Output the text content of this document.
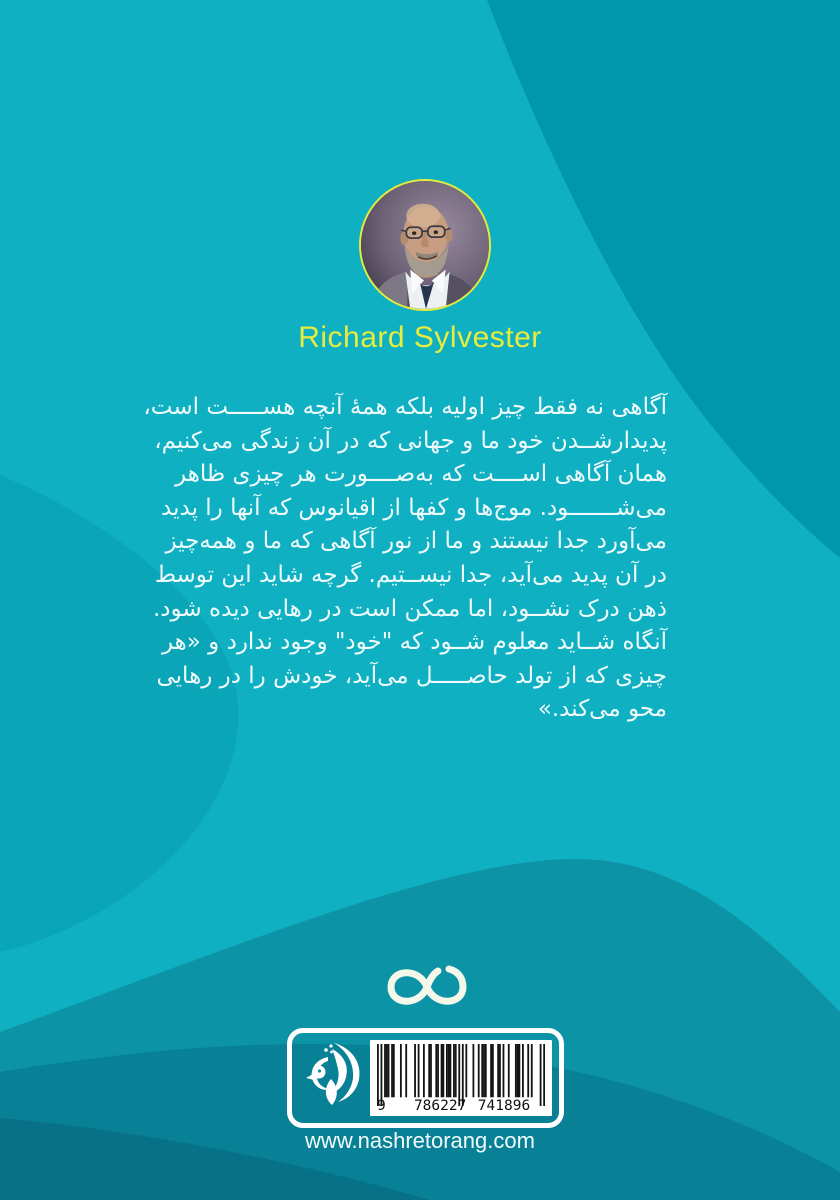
Richard Sylvester
آگاهی نه فقط چیز اولیه بلکه همهٔ آنچه هســـــت است،
پدیدارشــدن خود ما و جهانی که در آن زندگی می‌کنیم،
همان آگاهی اســــت که به‌صــــورت هر چیزی ظاهر
می‌شـــــــود. موج‌ها و کفها از اقیانوس که آنها را پدید
می‌آورد جدا نیستند و ما از نور آگاهی که ما و همه‌چیز
در آن پدید می‌آید، جدا نیســتیم. گرچه شاید این توسط
ذهن درک نشــود، اما ممکن است در رهایی دیده شود.
آنگاه شــاید معلوم شــود که "خود" وجود ندارد و «هر
چیزی که از تولد حاصـــــل می‌آید، خودش را در رهایی
محو می‌کند.»
9 786227 741896
www.nashretorang.com
